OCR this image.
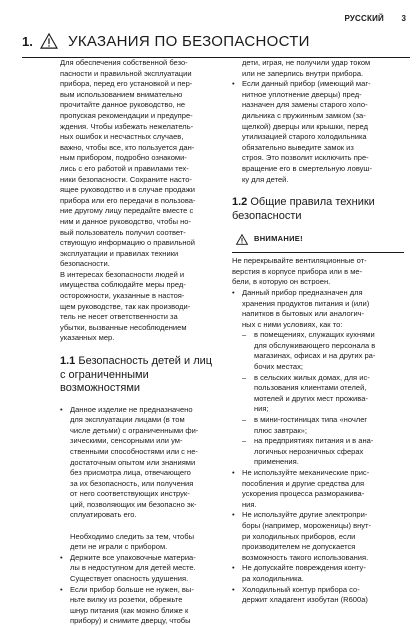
РУССКИЙ 3
1.	УКАЗАНИЯ ПО БЕЗОПАСНОСТИ
Для обеспечения собственной безо-
пасности и правильной эксплуатации
прибора, перед его установкой и пер-
вым использованием внимательно
прочитайте данное руководство, не
пропуская рекомендации и предупре-
ждения. Чтобы избежать нежелатель-
ных ошибок и несчастных случаев,
важно, чтобы все, кто пользуется дан-
ным прибором, подробно ознакоми-
лись с его работой и правилами тех-
ники безопасности. Сохраните насто-
ящее руководство и в случае продажи
прибора или его передачи в пользова-
ние другому лицу передайте вместе с
ним и данное руководство, чтобы но-
вый пользователь получил соответ-
ствующую информацию о правильной
эксплуатации и правилах техники
безопасности.
В интересах безопасности людей и
имущества соблюдайте меры пред-
осторожности, указанные в настоя-
щем руководстве, так как производи-
тель не несет ответственности за
убытки, вызванные несоблюдением
указанных мер.
1.1 Безопасность детей и лиц
с ограниченными
возможностями
• Данное изделие не предназначено
для эксплуатации лицами (в том
числе детьми) с ограниченными фи-
зическими, сенсорными или ум-
ственными способностями или с не-
достаточным опытом или знаниями
без присмотра лица, отвечающего
за их безопасность, или получения
от него соответствующих инструк-
ций, позволяющих им безопасно эк-
сплуатировать его.
Необходимо следить за тем, чтобы
дети не играли с прибором.
• Держите все упаковочные материа-
лы в недоступном для детей месте.
Существует опасность удушения.
• Если прибор больше не нужен, вы-
ньте вилку из розетки, обрежьте
шнур питания (как можно ближе к
прибору) и снимите дверцу, чтобы
дети, играя, не получили удар током
или не заперлись внутри прибора.
• Если данный прибор (имеющий маг-
нитное уплотнение дверцы) пред-
назначен для замены старого холо-
дильника с пружинным замком (за-
щелкой) дверцы или крышки, перед
утилизацией старого холодильника
обязательно выведите замок из
строя. Это позволит исключить пре-
вращение его в смертельную ловуш-
ку для детей.
1.2 Общие правила техники
безопасности
ВНИМАНИЕ!
Не перекрывайте вентиляционные от-
верстия в корпусе прибора или в ме-
бели, в которую он встроен.
• Данный прибор предназначен для
хранения продуктов питания и (или)
напитков в бытовых или аналогич-
ных с ними условиях, как то:
– в помещениях, служащих кухнями
для обслуживающего персонала в
магазинах, офисах и на других ра-
бочих местах;
– в сельских жилых домах, для ис-
пользования клиентами отелей,
мотелей и других мест прожива-
ния;
– в мини-гостиницах типа «ночлег
плюс завтрак»;
– на предприятиях питания и в ана-
логичных нерозничных сферах
применения.
• Не используйте механические прис-
пособления и другие средства для
ускорения процесса разморажива-
ния.
• Не используйте другие электропри-
боры (например, мороженицы) внут-
ри холодильных приборов, если
производителем не допускается
возможность такого использования.
• Не допускайте повреждения конту-
ра холодильника.
• Холодильный контур прибора со-
держит хладагент изобутан (R600a)
